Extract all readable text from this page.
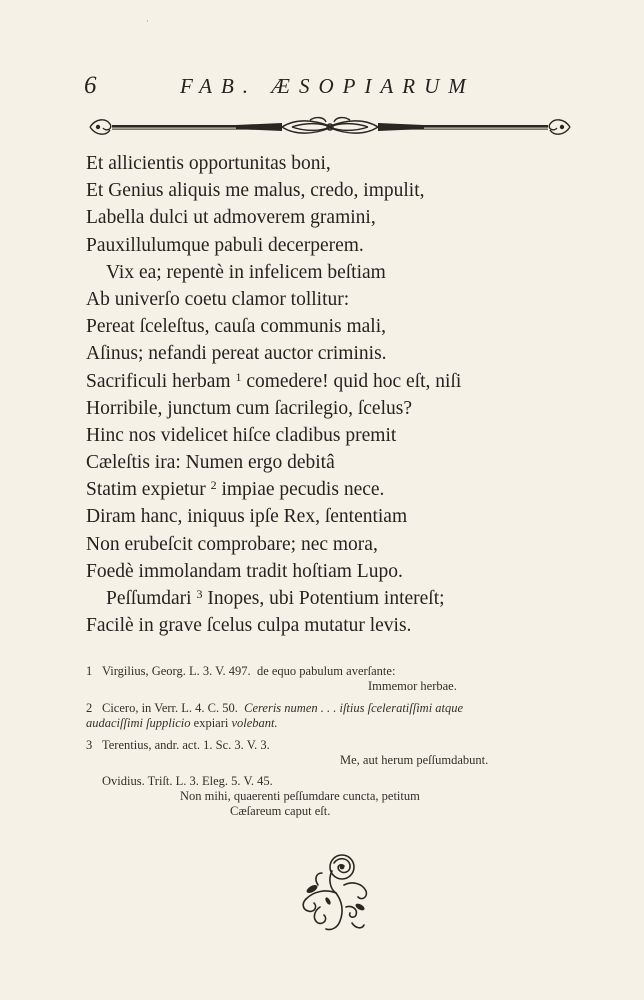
·
6	FAB. ÆSOPIARUM
Et allicientis opportunitas boni,
Et Genius aliquis me malus, credo, impulit,
Labella dulci ut admoverem gramini,
Pauxillulumque pabuli decerperem.
Vix ea; repentè in infelicem beſtiam
Ab univerſo coetu clamor tollitur:
Pereat ſceleſtus, cauſa communis mali,
Aſinus; nefandi pereat auctor criminis.
Sacrificuli herbam $^1$ comedere! quid hoc eſt, niſi
Horribile, junctum cum ſacrilegio, ſcelus?
Hinc nos videlicet hiſce cladibus premit
Cæleſtis ira: Numen ergo debitâ
Statim expietur $^2$ impiae pecudis nece.
Diram hanc, iniquus ipſe Rex, ſententiam
Non erubeſcit comprobare; nec mora,
Foedè immolandam tradit hoſtiam Lupo.
Peſſumdari $^3$ Inopes, ubi Potentium intereſt;
Facilè in grave ſcelus culpa mutatur levis.
1 Virgilius, Georg. L. 3. V. 497. de equo pabulum averſante:
Immemor herbae.
2 Cicero, in Verr. L. 4. C. 50. Cereris numen . . . iſtius ſceleratiſſimi atque audaciſſimi ſupplicio expiari volebant.
3 Terentius, andr. act. 1. Sc. 3. V. 3.
Me, aut herum peſſumdabunt.
Ovidius. Triſt. L. 3. Eleg. 5. V. 45.
Non mihi, quaerenti peſſumdare cuncta, petitum
Cæſareum caput eſt.
